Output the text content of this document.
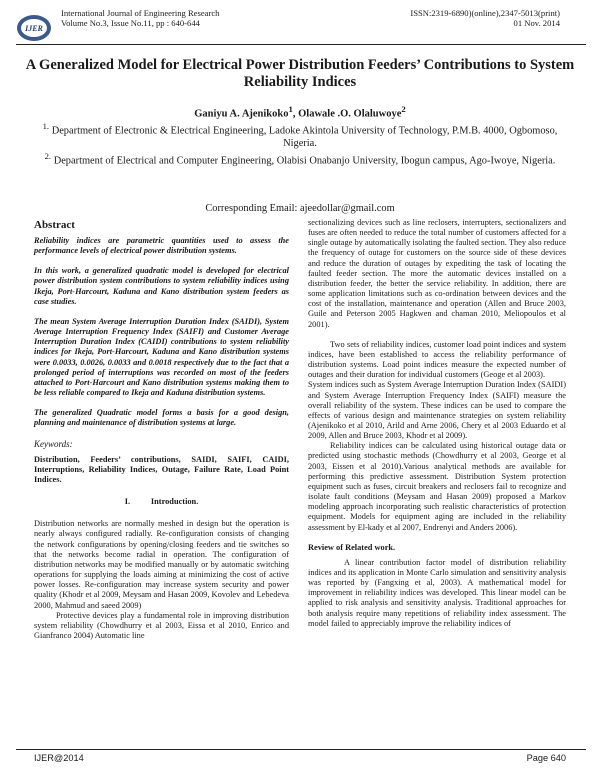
IJER
International Journal of Engineering Research
Volume No.3, Issue No.11, pp : 640-644
ISSN:2319-6890)(online),2347-5013(print)
01 Nov. 2014
A Generalized Model for Electrical Power Distribution Feeders’ Contributions to System Reliability Indices
Ganiyu A. Ajenikoko$^1$, Olawale .O. Olaluwoye$^2$
$^{1.}$ Department of Electronic & Electrical Engineering, Ladoke Akintola University of Technology, P.M.B. 4000, Ogbomoso, Nigeria.
$^{2.}$ Department of Electrical and Computer Engineering, Olabisi Onabanjo University, Ibogun campus, Ago-Iwoye, Nigeria.
Corresponding Email: ajeedollar@gmail.com

Abstract

Reliability indices are parametric quantities used to assess the performance levels of electrical power distribution systems.

In this work, a generalized quadratic model is developed for electrical power distribution system contributions to system reliability indices using Ikeja, Port-Harcourt, Kaduna and Kano distribution system feeders as case studies.

The mean System Average Interruption Duration Index (SAIDI), System Average Interruption Frequency Index (SAIFI) and Customer Average Interruption Duration Index (CAIDI) contributions to system reliability indices for Ikeja, Port-Harcourt, Kaduna and Kano distribution systems were 0.0033, 0.0026, 0.0033 and 0.0018 respectively due to the fact that a prolonged period of interruptions was recorded on most of the feeders attached to Port-Harcourt and Kano distribution systems making them to be less reliable compared to Ikeja and Kaduna distribution systems.

The generalized Quadratic model forms a basis for a good design, planning and maintenance of distribution systems at large.

Keywords:

Distribution, Feeders’ contributions, SAIDI, SAIFI, CAIDI, Interruptions, Reliability Indices, Outage, Failure Rate, Load Point Indices.

I.          Introduction.

Distribution networks are normally meshed in design but the operation is nearly always configured radially. Re-configuration consists of changing the network configurations by opening/closing feeders and tie switches so that the networks become radial in operation. The configuration of distribution networks may be modified manually or by automatic switching operations for supplying the loads aiming at minimizing the cost of active power losses. Re-configuration may increase system security and power quality (Khodr et al 2009, Meysam and Hasan 2009, Kovolev and Lebedeva 2000, Mahmud and saeed 2009)

Protective devices play a fundamental role in improving distribution system reliability (Chowdhurry et al 2003, Eissa et al 2010, Enrico and Gianfranco 2004) Automatic line

sectionalizing devices such as line reclosers, interrupters, sectionalizers and fuses are often needed to reduce the total number of customers affected for a single outage by automatically isolating the faulted section. They also reduce the frequency of outage for customers on the source side of these devices and reduce the duration of outages by expediting the task of locating the faulted feeder section. The more the automatic devices installed on a distribution feeder, the better the service reliability. In addition, there are some application limitations such as co-ordination between devices and the cost of the installation, maintenance and operation (Allen and Bruce 2003, Guile and Peterson 2005 Hagkwen and chaman 2010, Meliopoulos et al 2001).

Two sets of reliability indices, customer load point indices and system indices, have been established to access the reliability performance of distribution systems. Load point indices measure the expected number of outages and their duration for individual customers (Geoge et al 2003).

System indices such as System Average Interruption Duration Index (SAIDI) and System Average Interruption Frequency Index (SAIFI) measure the overall reliability of the system. These indices can be used to compare the effects of various design and maintenance strategies on system reliability (Ajenikoko et al 2010, Arild and Arne 2006, Chery et al 2003 Eduardo et al 2009, Allen and Bruce 2003, Khodr et al 2009).

Reliability indices can be calculated using historical outage data or predicted using stochastic methods (Chowdhurry et al 2003, George et al 2003, Eissen et al 2010).Various analytical methods are available for performing this predictive assessment. Distribution System protection equipment such as fuses, circuit breakers and reclosers fail to recognize and isolate fault conditions (Meysam and Hasan 2009) proposed a Markov modeling approach incorporating such realistic characteristics of protection equipment. Models for equipment aging are included in the reliability assessment by El-kady et al 2007, Endrenyi and Anders 2006).

Review of Related work.

A linear contribution factor model of distribution reliability indices and its application in Monte Carlo simulation and sensitivity analysis was reported by (Fangxing et al, 2003). A mathematical model for improvement in reliability indices was developed. This linear model can be applied to risk analysis and sensitivity analysis. Traditional approaches for both analysis require many repetitions of reliability index assessment. The model failed to appreciably improve the reliability indices of

IJER@2014	Page 640
